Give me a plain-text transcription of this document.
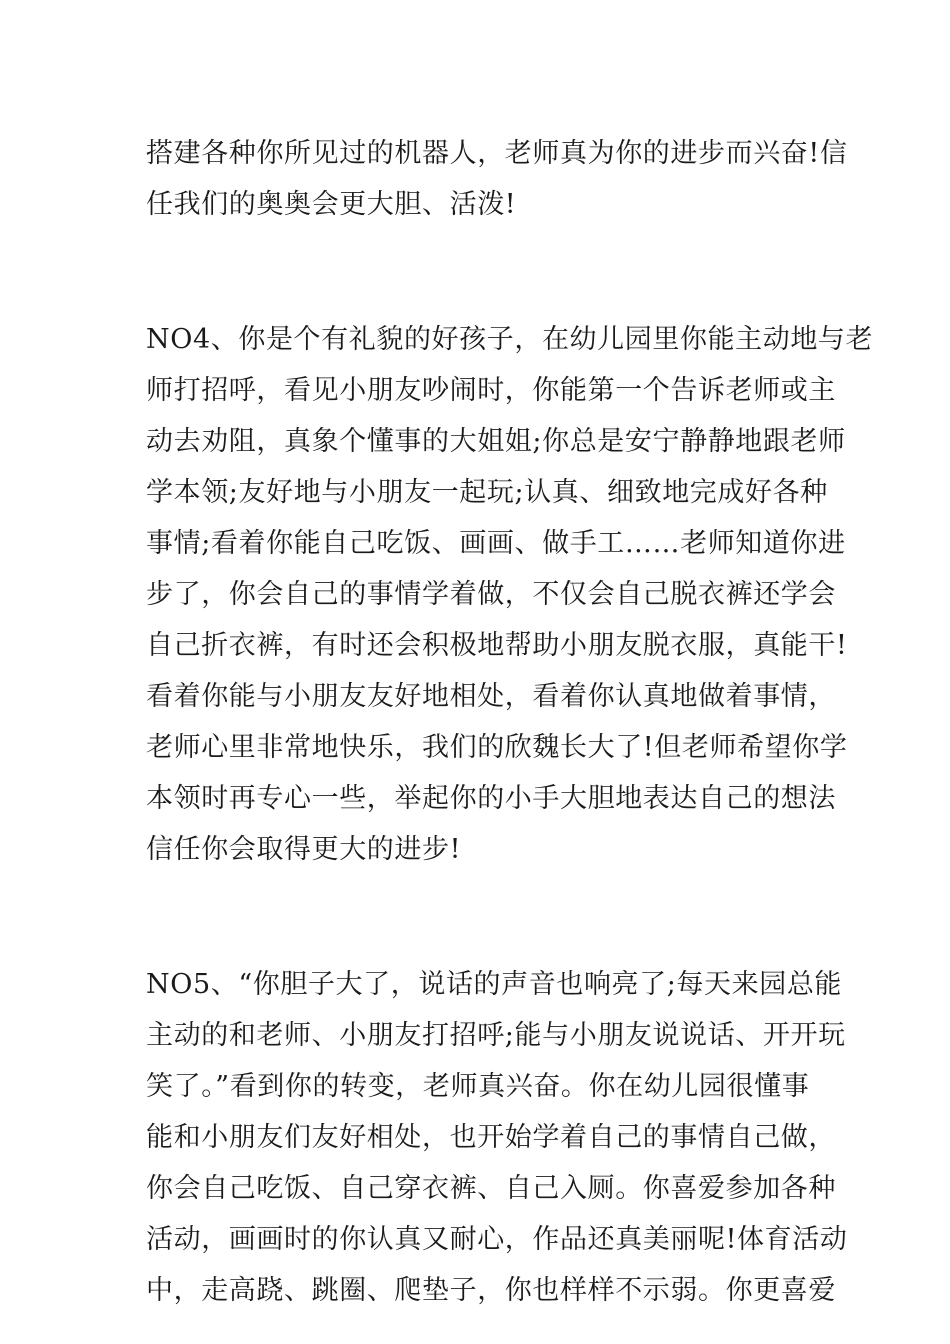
搭建各种你所见过的机器人，老师真为你的进步而兴奋!信
任我们的奥奥会更大胆、活泼!
NO4、你是个有礼貌的好孩子，在幼儿园里你能主动地与老
师打招呼，看见小朋友吵闹时，你能第一个告诉老师或主
动去劝阻，真象个懂事的大姐姐;你总是安宁静静地跟老师
学本领;友好地与小朋友一起玩;认真、细致地完成好各种
事情;看着你能自己吃饭、画画、做手工……老师知道你进
步了，你会自己的事情学着做，不仅会自己脱衣裤还学会
自己折衣裤，有时还会积极地帮助小朋友脱衣服，真能干!
看着你能与小朋友友好地相处，看着你认真地做着事情，
老师心里非常地快乐，我们的欣魏长大了!但老师希望你学
本领时再专心一些，举起你的小手大胆地表达自己的想法
信任你会取得更大的进步!
NO5、“你胆子大了，说话的声音也响亮了;每天来园总能
主动的和老师、小朋友打招呼;能与小朋友说说话、开开玩
笑了。”看到你的转变，老师真兴奋。你在幼儿园很懂事
能和小朋友们友好相处，也开始学着自己的事情自己做，
你会自己吃饭、自己穿衣裤、自己入厕。你喜爱参加各种
活动，画画时的你认真又耐心，作品还真美丽呢!体育活动
中，走高跷、跳圈、爬垫子，你也样样不示弱。你更喜爱
